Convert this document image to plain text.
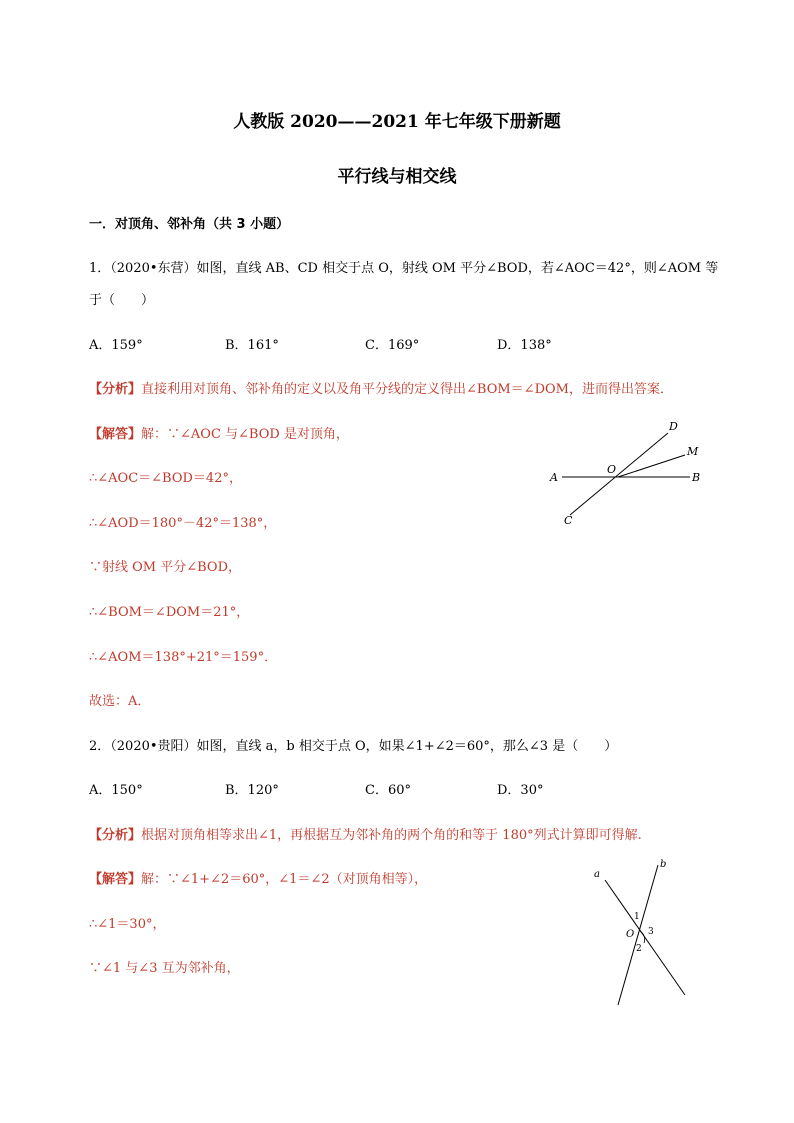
人教版 2020——2021 年七年级下册新题
平行线与相交线
一．对顶角、邻补角（共 3 小题）
1．（2020•东营）如图，直线 AB、CD 相交于点 O，射线 OM 平分∠BOD，若∠AOC＝42°，则∠AOM 等
于（　　）
A．159°	B．161°	C．169°	D．138°
【分析】直接利用对顶角、邻补角的定义以及角平分线的定义得出∠BOM＝∠DOM，进而得出答案．
【解答】解：∵∠AOC 与∠BOD 是对顶角，
∴∠AOC＝∠BOD＝42°，
∴∠AOD＝180°－42°＝138°，
∵射线 OM 平分∠BOD，
∴∠BOM＝∠DOM＝21°，
∴∠AOM＝138°+21°＝159°．
故选：A．
A	B
C
D
M
O
2．（2020•贵阳）如图，直线 a，b 相交于点 O，如果∠1+∠2＝60°，那么∠3 是（　　）
A．150°	B．120°	C．60°	D．30°
【分析】根据对顶角相等求出∠1，再根据互为邻补角的两个角的和等于 180°列式计算即可得解.
【解答】解：∵∠1+∠2＝60°，∠1＝∠2（对顶角相等），
∴∠1＝30°，
∵∠1 与∠3 互为邻补角，
a
b
1
2
3
O
